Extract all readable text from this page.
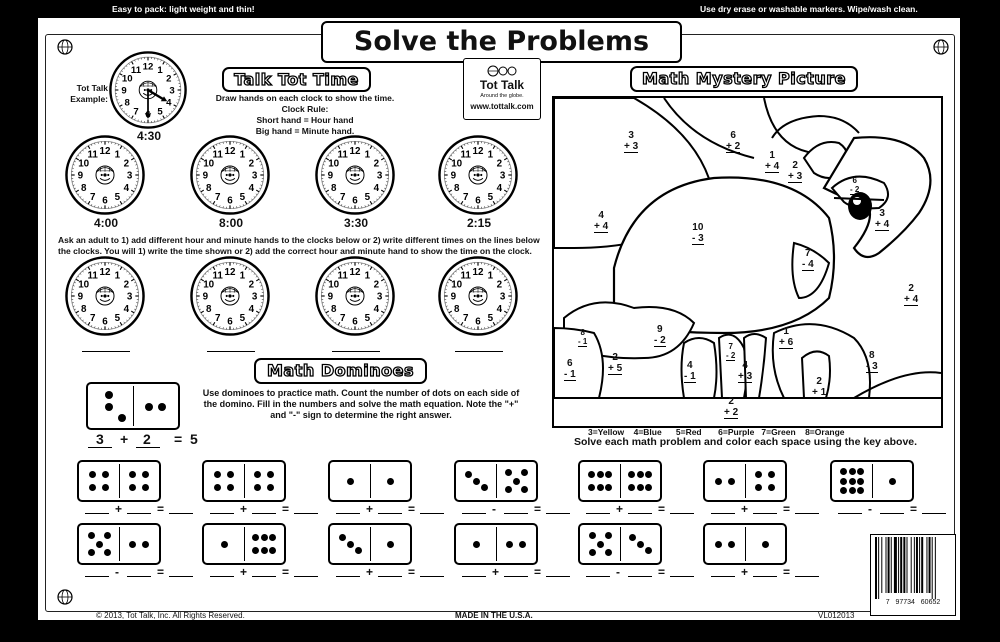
Easy to pack: light weight and thin!	Use dry erase or washable markers. Wipe/wash clean.
Solve the Problems
Talk Tot Time
Tot Talk Example:	Draw hands on each clock to show the time.
Clock Rule:
Short hand = Hour hand
Big hand = Minute hand.
1
2
3
4
5
7
8
9
10
11 12
1
2
3
4
5
6
7
8
9
10
11 12	1
2
3
4
5
6
7
8
9
10
11 12	1
2
3
4
5
6
7
8
9
10
11 12	1
2
3
4
5
6
7
8
9
10
11 12
1
2
3
4
5
6
7
8
9
10
11 12	1
2
3
4
5
6
7
8
9
10
11 12	1
2
3
4
5
6
7
8
9
10
11 12	1
2
3
4
5
6
7
8
9
10
11 12
4:30
4:00	8:00	3:30	2:15
Ask an adult to 1) add different hour and minute hands to the clocks below or 2) write different times on the lines below the clocks. You will 1) write the time shown or 2) add the correct hour and minute hand to show the time on the clock.
Tot Talk
Around the globe.
www.tottalk.com
Math Dominoes
Use dominoes to practice math. Count the number of dots on each side of the domino. Fill in the numbers and solve the math equation. Note the "+" and "-" sign to determine the right answer.
3 + 2 = 5
+	=	+	=	+	=	-	=	+	=	+	=	-	=
-	=	+	=	+	=	+	=	-	=	+	=
Math Mystery Picture
3
+ 3
6
+ 2
1
+ 4	2
+ 3	6
- 2
4
+ 4	10
- 3
3
+ 4
7
- 4
2
+ 4
8
- 1
9
- 2
1
+ 6
6
- 1
2
+ 5
7
- 2
4
- 1
4
+ 3	2
+ 1
8
- 3
2
+ 2
3=Yellow    4=Blue      5=Red       6=Purple   7=Green    8=Orange
Solve each math problem and color each space using the key above.
7   97734   60652
© 2013, Tot Talk, Inc. All Rights Reserved.	MADE IN THE U.S.A.	VL012013
